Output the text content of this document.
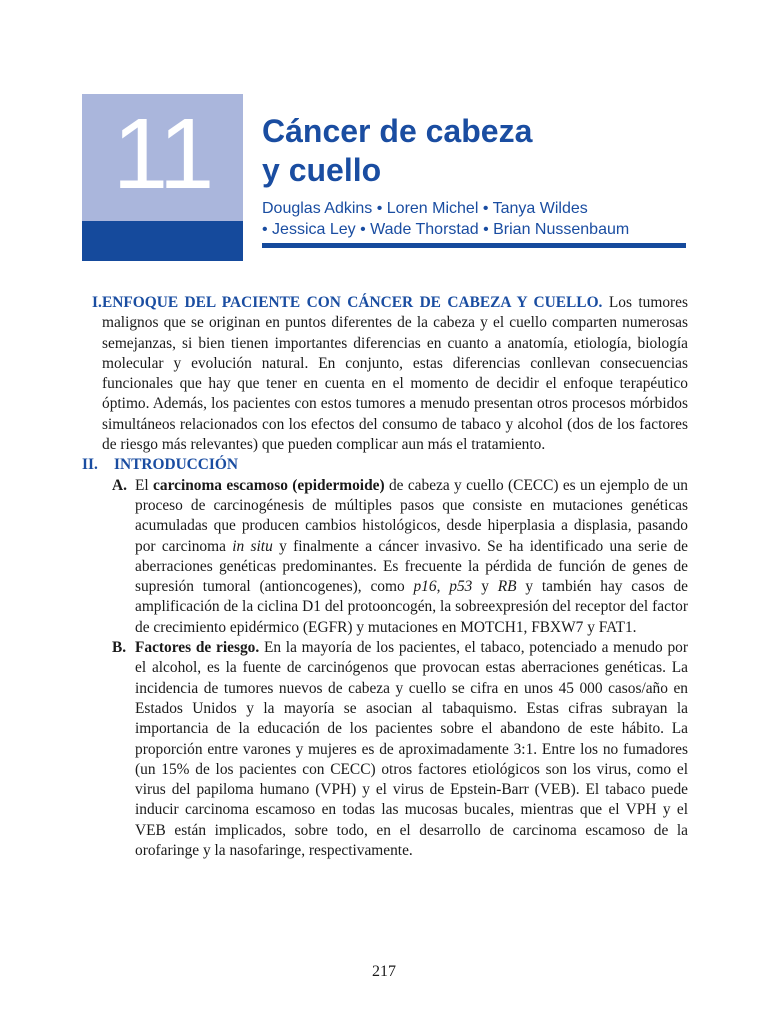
11	Cáncer de cabeza
y cuello
Douglas Adkins • Loren Michel • Tanya Wildes
• Jessica Ley • Wade Thorstad • Brian Nussenbaum
I. ENFOQUE DEL PACIENTE CON CÁNCER DE CABEZA Y CUELLO. Los tumores malignos que se originan en puntos diferentes de la cabeza y el cuello comparten numerosas semejanzas, si bien tienen importantes diferencias en cuanto a anatomía, etiología, biología molecular y evolución natural. En conjunto, estas diferencias conllevan consecuencias funcionales que hay que tener en cuenta en el momento de decidir el enfoque terapéutico óptimo. Además, los pacientes con estos tumores a menudo presentan otros procesos mórbidos simultáneos relacionados con los efectos del consumo de tabaco y alcohol (dos de los factores de riesgo más relevantes) que pueden complicar aun más el tratamiento.
II. INTRODUCCIÓN
A. El carcinoma escamoso (epidermoide) de cabeza y cuello (CECC) es un ejemplo de un proceso de carcinogénesis de múltiples pasos que consiste en mutaciones genéticas acumuladas que producen cambios histológicos, desde hiperplasia a displasia, pasando por carcinoma in situ y finalmente a cáncer invasivo. Se ha identificado una serie de aberraciones genéticas predominantes. Es frecuente la pérdida de función de genes de supresión tumoral (antioncogenes), como p16, p53 y RB y también hay casos de amplificación de la ciclina D1 del protooncogén, la sobreexpresión del receptor del factor de crecimiento epidérmico (EGFR) y mutaciones en MOTCH1, FBXW7 y FAT1.
B. Factores de riesgo. En la mayoría de los pacientes, el tabaco, potenciado a menudo por el alcohol, es la fuente de carcinógenos que provocan estas aberraciones genéticas. La incidencia de tumores nuevos de cabeza y cuello se cifra en unos 45 000 casos/año en Estados Unidos y la mayoría se asocian al tabaquismo. Estas cifras subrayan la importancia de la educación de los pacientes sobre el abandono de este hábito. La proporción entre varones y mujeres es de aproximadamente 3:1. Entre los no fumadores (un 15% de los pacientes con CECC) otros factores etiológicos son los virus, como el virus del papiloma humano (VPH) y el virus de Epstein-Barr (VEB). El tabaco puede inducir carcinoma escamoso en todas las mucosas bucales, mientras que el VPH y el VEB están implicados, sobre todo, en el desarrollo de carcinoma escamoso de la orofaringe y la nasofaringe, respectivamente.
217
